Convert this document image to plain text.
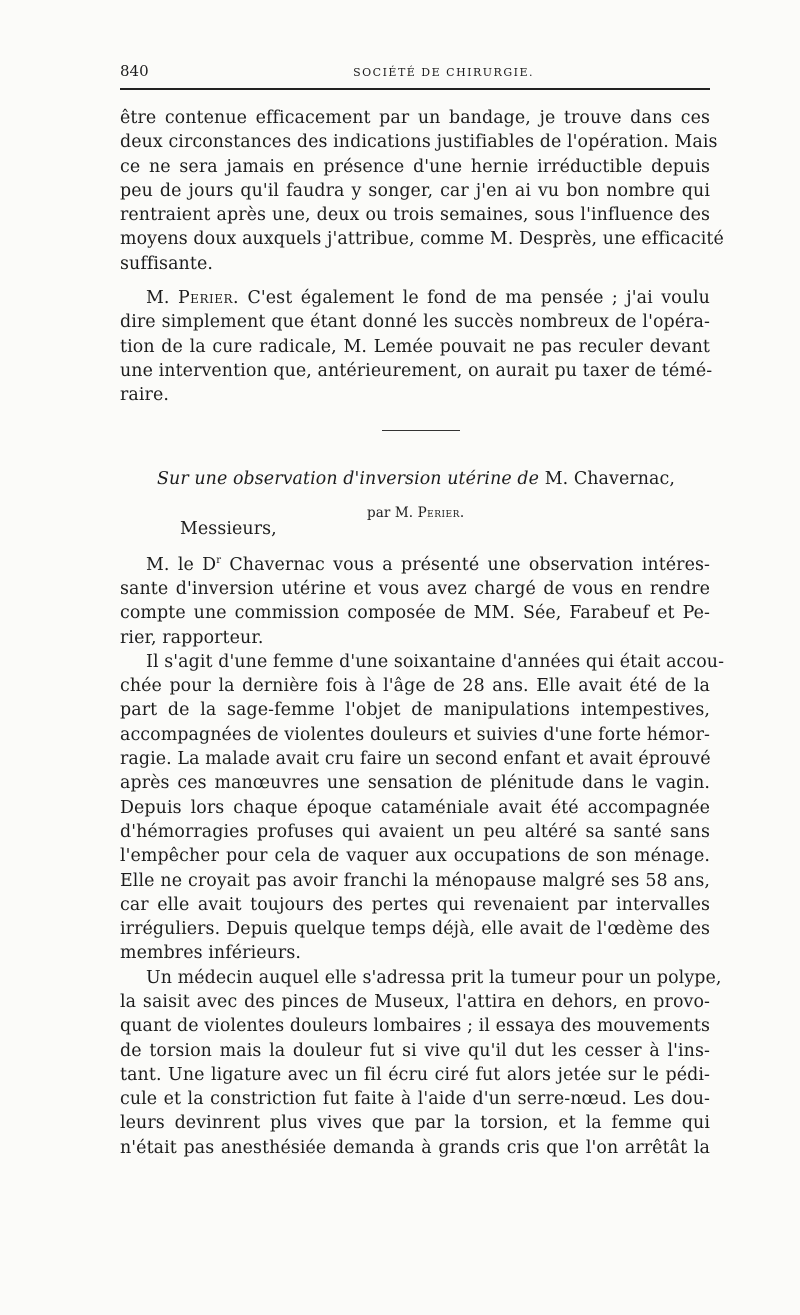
840	SOCIÉTÉ DE CHIRURGIE.
être contenue efficacement par un bandage, je trouve dans ces
deux circonstances des indications justifiables de l'opération. Mais
ce ne sera jamais en présence d'une hernie irréductible depuis
peu de jours qu'il faudra y songer, car j'en ai vu bon nombre qui
rentraient après une, deux ou trois semaines, sous l'influence des
moyens doux auxquels j'attribue, comme M. Desprès, une efficacité
suffisante.
M. Perier. C'est également le fond de ma pensée ; j'ai voulu
dire simplement que étant donné les succès nombreux de l'opéra-
tion de la cure radicale, M. Lemée pouvait ne pas reculer devant
une intervention que, antérieurement, on aurait pu taxer de témé-
raire.
Sur une observation d'inversion utérine de M. Chavernac,
par M. Perier.
Messieurs,
M. le $D^r$ Chavernac vous a présenté une observation intéres-
sante d'inversion utérine et vous avez chargé de vous en rendre
compte une commission composée de MM. Sée, Farabeuf et Pe-
rier, rapporteur.
Il s'agit d'une femme d'une soixantaine d'années qui était accou-
chée pour la dernière fois à l'âge de 28 ans. Elle avait été de la
part de la sage-femme l'objet de manipulations intempestives,
accompagnées de violentes douleurs et suivies d'une forte hémor-
ragie. La malade avait cru faire un second enfant et avait éprouvé
après ces manœuvres une sensation de plénitude dans le vagin.
Depuis lors chaque époque cataméniale avait été accompagnée
d'hémorragies profuses qui avaient un peu altéré sa santé sans
l'empêcher pour cela de vaquer aux occupations de son ménage.
Elle ne croyait pas avoir franchi la ménopause malgré ses 58 ans,
car elle avait toujours des pertes qui revenaient par intervalles
irréguliers. Depuis quelque temps déjà, elle avait de l'œdème des
membres inférieurs.
Un médecin auquel elle s'adressa prit la tumeur pour un polype,
la saisit avec des pinces de Museux, l'attira en dehors, en provo-
quant de violentes douleurs lombaires ; il essaya des mouvements
de torsion mais la douleur fut si vive qu'il dut les cesser à l'ins-
tant. Une ligature avec un fil écru ciré fut alors jetée sur le pédi-
cule et la constriction fut faite à l'aide d'un serre-nœud. Les dou-
leurs devinrent plus vives que par la torsion, et la femme qui
n'était pas anesthésiée demanda à grands cris que l'on arrêtât la
